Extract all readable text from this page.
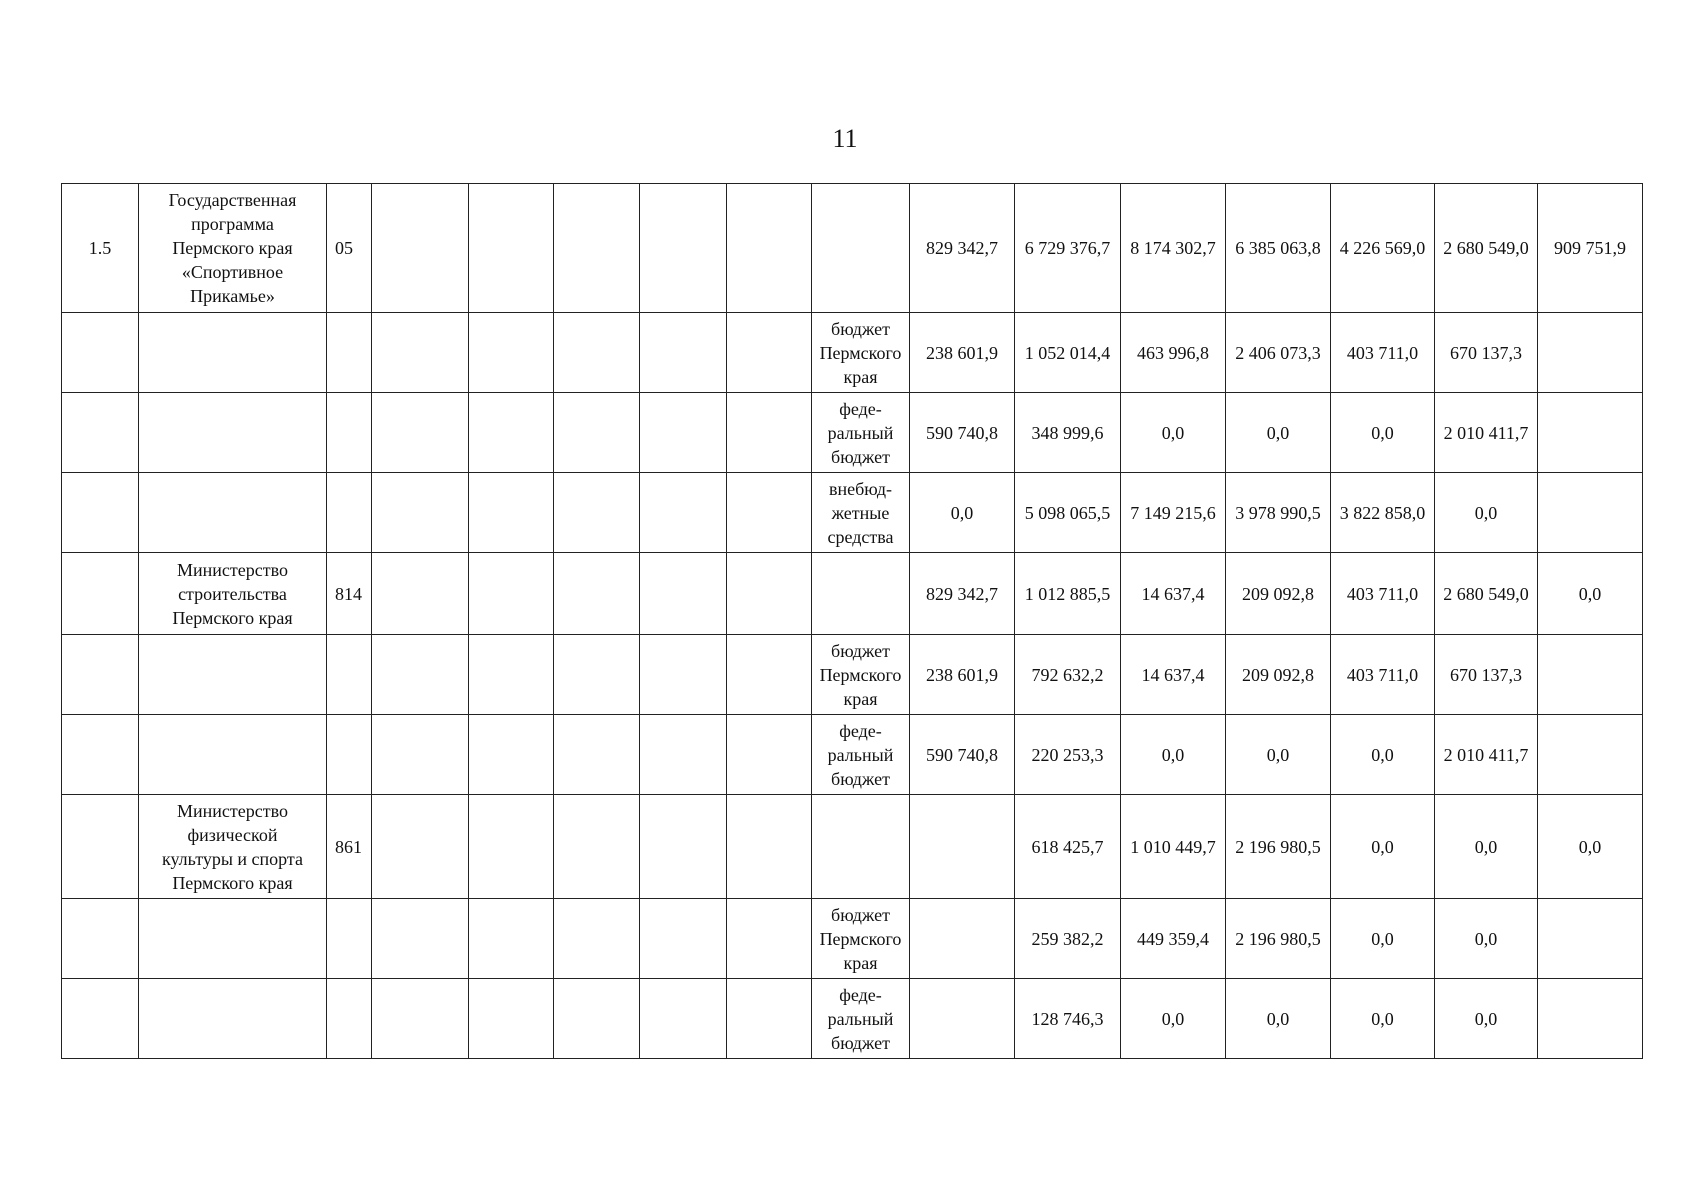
11
1.5	Государственная
программа
Пермского края
«Спортивное
Прикамье»	05							829 342,7	6 729 376,7	8 174 302,7	6 385 063,8	4 226 569,0	2 680 549,0	909 751,9

								бюджет
Пермского
края	238 601,9	1 052 014,4	463 996,8	2 406 073,3	403 711,0	670 137,3	

								феде-
ральный
бюджет	590 740,8	348 999,6	0,0	0,0	0,0	2 010 411,7	

								внебюд-
жетные
средства	0,0	5 098 065,5	7 149 215,6	3 978 990,5	3 822 858,0	0,0	

	Министерство
строительства
Пермского края	814							829 342,7	1 012 885,5	14 637,4	209 092,8	403 711,0	2 680 549,0	0,0

								бюджет
Пермского
края	238 601,9	792 632,2	14 637,4	209 092,8	403 711,0	670 137,3	

								феде-
ральный
бюджет	590 740,8	220 253,3	0,0	0,0	0,0	2 010 411,7	

	Министерство
физической
культуры и спорта
Пермского края	861								618 425,7	1 010 449,7	2 196 980,5	0,0	0,0	0,0

								бюджет
Пермского
края		259 382,2	449 359,4	2 196 980,5	0,0	0,0	

								феде-
ральный
бюджет		128 746,3	0,0	0,0	0,0	0,0	
